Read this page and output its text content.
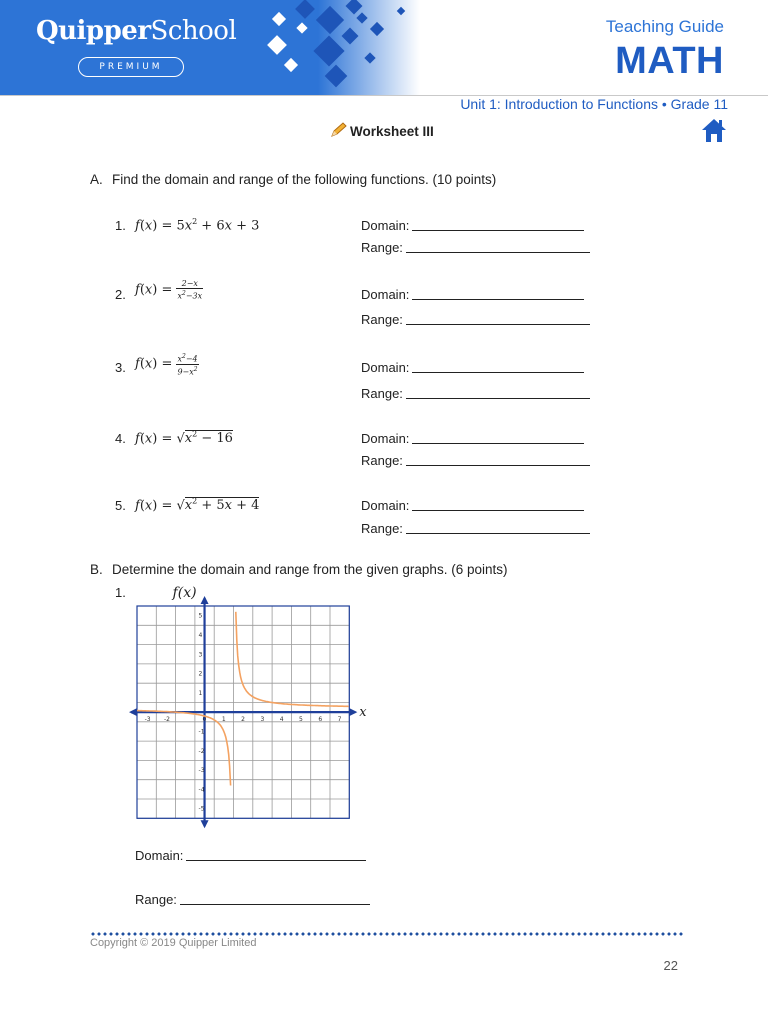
QuipperSchool
PREMIUM
Teaching Guide
MATH
Unit 1: Introduction to Functions • Grade 11
Worksheet III
A. Find the domain and range of the following functions. (10 points)
1. $f(x) = 5x^2 + 6x + 3$	Domain:
Range:
2. $f(x) = \frac{2-x}{x^2-3x}$	Domain:
Range:
3. $f(x) = \frac{x^2-4}{9-x^2}$	Domain:
Range:
4. $f(x) = √x^2 - 16$	Domain:
Range:
5. $f(x) = √x^2 + 5x + 4$	Domain:
Range:
B. Determine the domain and range from the given graphs. (6 points)
1.
-3 -2	0	1	2	3	4	5	6	7
5
4
3
2
1
-1
-2
-3
-4
-5
f(x)
x
Domain:
Range:
Copyright © 2019 Quipper Limited
22
